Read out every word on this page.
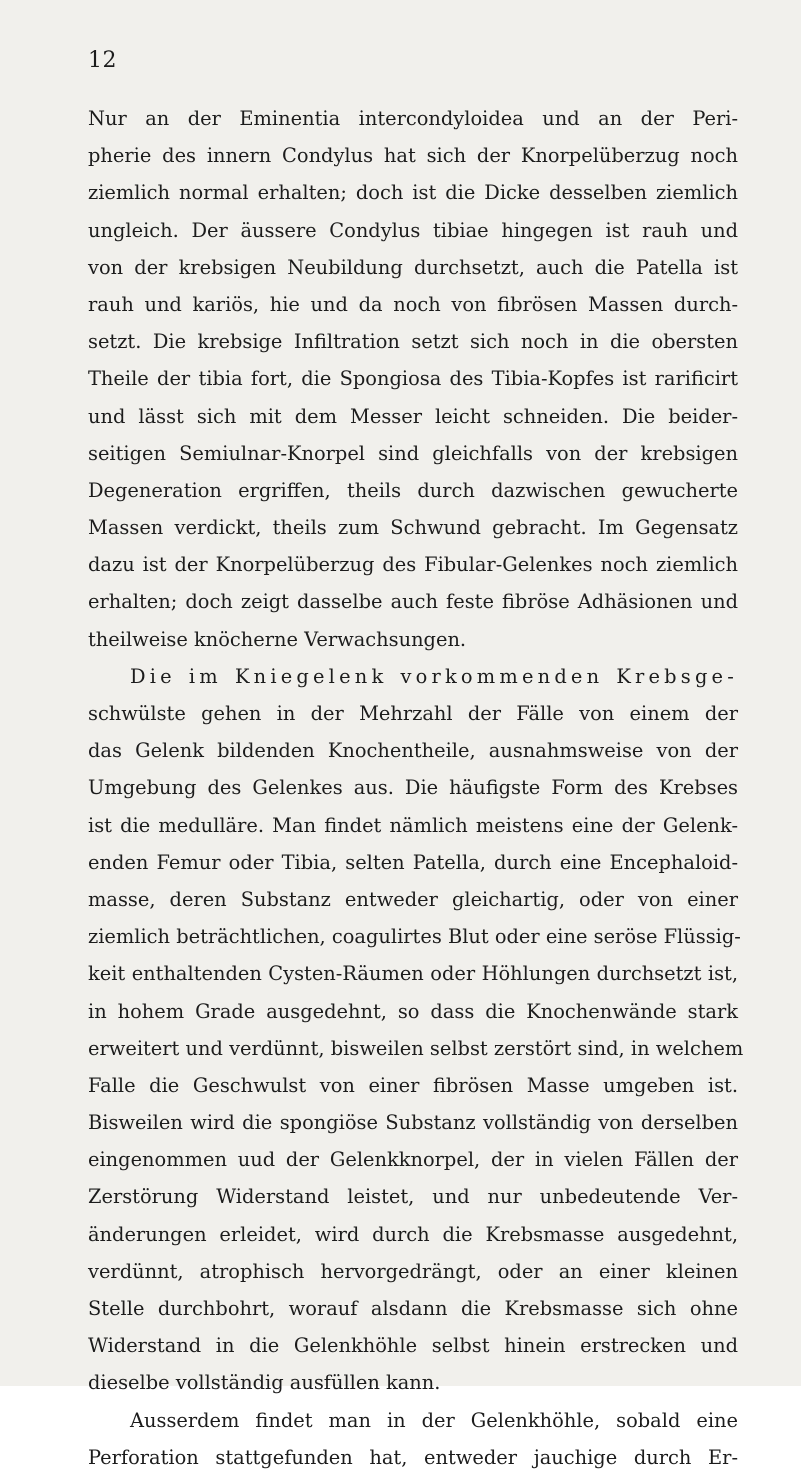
12
Nur an der Eminentia intercondyloidea und an der Peri-
pherie des innern Condylus hat sich der Knorpelüberzug noch
ziemlich normal erhalten; doch ist die Dicke desselben ziemlich
ungleich. Der äussere Condylus tibiae hingegen ist rauh und
von der krebsigen Neubildung durchsetzt, auch die Patella ist
rauh und kariös, hie und da noch von fibrösen Massen durch-
setzt. Die krebsige Infiltration setzt sich noch in die obersten
Theile der tibia fort, die Spongiosa des Tibia-Kopfes ist rarificirt
und lässt sich mit dem Messer leicht schneiden. Die beider-
seitigen Semiulnar-Knorpel sind gleichfalls von der krebsigen
Degeneration ergriffen, theils durch dazwischen gewucherte
Massen verdickt, theils zum Schwund gebracht. Im Gegensatz
dazu ist der Knorpelüberzug des Fibular-Gelenkes noch ziemlich
erhalten; doch zeigt dasselbe auch feste fibröse Adhäsionen und
theilweise knöcherne Verwachsungen.
Die im Kniegelenk vorkommenden Krebsge-
schwülste gehen in der Mehrzahl der Fälle von einem der
das Gelenk bildenden Knochentheile, ausnahmsweise von der
Umgebung des Gelenkes aus. Die häufigste Form des Krebses
ist die medulläre. Man findet nämlich meistens eine der Gelenk-
enden Femur oder Tibia, selten Patella, durch eine Encephaloid-
masse, deren Substanz entweder gleichartig, oder von einer
ziemlich beträchtlichen, coagulirtes Blut oder eine seröse Flüssig-
keit enthaltenden Cysten-Räumen oder Höhlungen durchsetzt ist,
in hohem Grade ausgedehnt, so dass die Knochenwände stark
erweitert und verdünnt, bisweilen selbst zerstört sind, in welchem
Falle die Geschwulst von einer fibrösen Masse umgeben ist.
Bisweilen wird die spongiöse Substanz vollständig von derselben
eingenommen uud der Gelenkknorpel, der in vielen Fällen der
Zerstörung Widerstand leistet, und nur unbedeutende Ver-
änderungen erleidet, wird durch die Krebsmasse ausgedehnt,
verdünnt, atrophisch hervorgedrängt, oder an einer kleinen
Stelle durchbohrt, worauf alsdann die Krebsmasse sich ohne
Widerstand in die Gelenkhöhle selbst hinein erstrecken und
dieselbe vollständig ausfüllen kann.
Ausserdem findet man in der Gelenkhöhle, sobald eine
Perforation stattgefunden hat, entweder jauchige durch Er-
